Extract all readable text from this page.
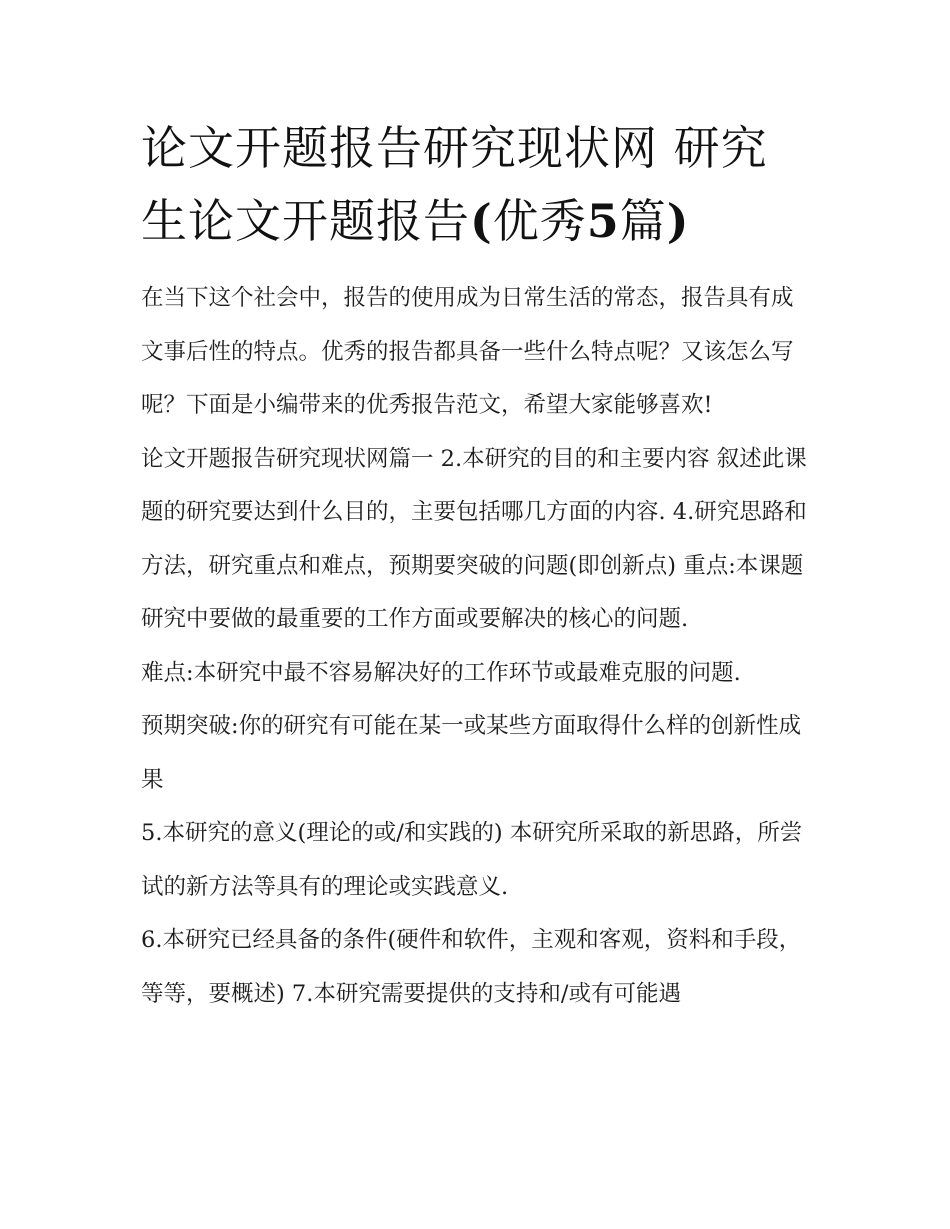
论文开题报告研究现状网 研究
生论文开题报告(优秀5篇)

在当下这个社会中，报告的使用成为日常生活的常态，报告具有成文事后性的特点。优秀的报告都具备一些什么特点呢？又该怎么写呢？下面是小编带来的优秀报告范文，希望大家能够喜欢!

论文开题报告研究现状网篇一 2.本研究的目的和主要内容 叙述此课题的研究要达到什么目的，主要包括哪几方面的内容. 4.研究思路和方法，研究重点和难点，预期要突破的问题(即创新点) 重点:本课题研究中要做的最重要的工作方面或要解决的核心的问题.

难点:本研究中最不容易解决好的工作环节或最难克服的问题.

预期突破:你的研究有可能在某一或某些方面取得什么样的创新性成果

5.本研究的意义(理论的或/和实践的) 本研究所采取的新思路，所尝试的新方法等具有的理论或实践意义.

6.本研究已经具备的条件(硬件和软件，主观和客观，资料和手段，等等，要概述) 7.本研究需要提供的支持和/或有可能遇
